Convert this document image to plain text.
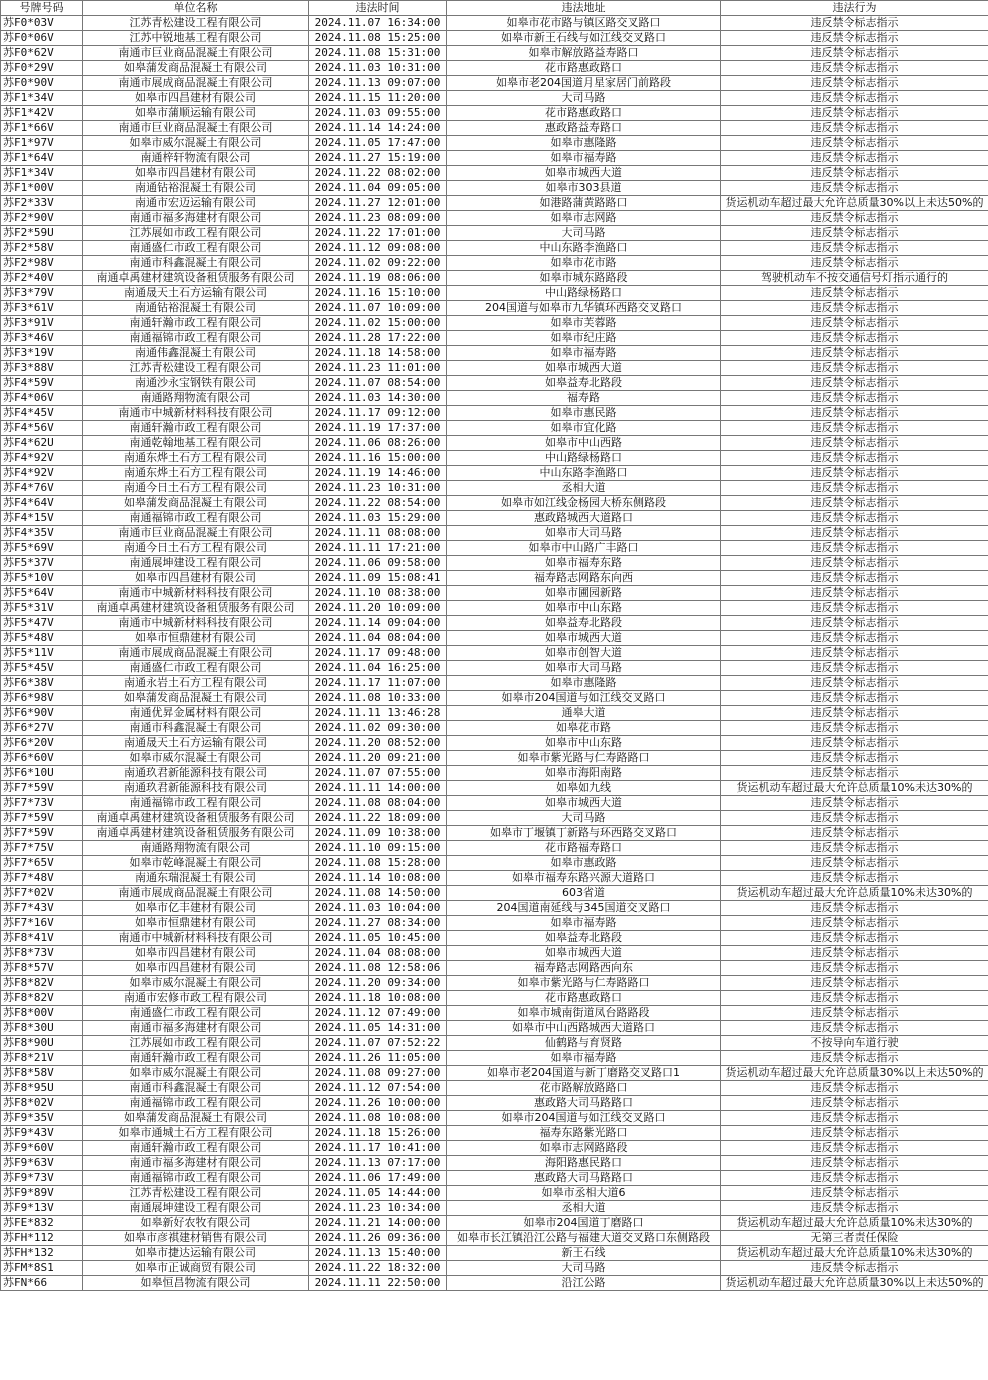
号牌号码	单位名称	违法时间	违法地址	违法行为
苏F0*03V	江苏青松建设工程有限公司	2024.11.07 16:34:00	如皋市花市路与镇区路交叉路口	违反禁令标志指示
苏F0*06V	江苏中锐地基工程有限公司	2024.11.08 15:25:00	如皋市新王石线与如江线交叉路口	违反禁令标志指示
苏F0*62V	南通市巨业商品混凝土有限公司	2024.11.08 15:31:00	如皋市解放路益寿路口	违反禁令标志指示
苏F0*29V	如皋蒲发商品混凝土有限公司	2024.11.03 10:31:00	花市路惠政路口	违反禁令标志指示
苏F0*90V	南通市展成商品混凝土有限公司	2024.11.13 09:07:00	如皋市老204国道月星家居门前路段	违反禁令标志指示
苏F1*34V	如皋市四昌建材有限公司	2024.11.15 11:20:00	大司马路	违反禁令标志指示
苏F1*42V	如皋市蒲顺运输有限公司	2024.11.03 09:55:00	花市路惠政路口	违反禁令标志指示
苏F1*66V	南通市巨业商品混凝土有限公司	2024.11.14 14:24:00	惠政路益寿路口	违反禁令标志指示
苏F1*97V	如皋市威尔混凝土有限公司	2024.11.05 17:47:00	如皋市惠隆路	违反禁令标志指示
苏F1*64V	南通梓轩物流有限公司	2024.11.27 15:19:00	如皋市福寿路	违反禁令标志指示
苏F1*34V	如皋市四昌建材有限公司	2024.11.22 08:02:00	如皋市城西大道	违反禁令标志指示
苏F1*00V	南通钻裕混凝土有限公司	2024.11.04 09:05:00	如皋市303县道	违反禁令标志指示
苏F2*33V	南通市宏迈运输有限公司	2024.11.27 12:01:00	如港路蒲黄路路口	货运机动车超过最大允许总质量30%以上未达50%的
苏F2*90V	南通市福多海建材有限公司	2024.11.23 08:09:00	如皋市志网路	违反禁令标志指示
苏F2*59U	江苏展如市政工程有限公司	2024.11.22 17:01:00	大司马路	违反禁令标志指示
苏F2*58V	南通盛仁市政工程有限公司	2024.11.12 09:08:00	中山东路李渔路口	违反禁令标志指示
苏F2*98V	南通市科鑫混凝土有限公司	2024.11.02 09:22:00	如皋市花市路	违反禁令标志指示
苏F2*40V	南通卓禹建材建筑设备租赁服务有限公司	2024.11.19 08:06:00	如皋市城东路路段	驾驶机动车不按交通信号灯指示通行的
苏F3*79V	南通晟天土石方运输有限公司	2024.11.16 15:10:00	中山路绿杨路口	违反禁令标志指示
苏F3*61V	南通钻裕混凝土有限公司	2024.11.07 10:09:00	204国道与如皋市九华镇环西路交叉路口	违反禁令标志指示
苏F3*91V	南通轩瀚市政工程有限公司	2024.11.02 15:00:00	如皋市芙蓉路	违反禁令标志指示
苏F3*46V	南通福锦市政工程有限公司	2024.11.28 17:22:00	如皋市纪庄路	违反禁令标志指示
苏F3*19V	南通伟鑫混凝土有限公司	2024.11.18 14:58:00	如皋市福寿路	违反禁令标志指示
苏F3*88V	江苏青松建设工程有限公司	2024.11.23 11:01:00	如皋市城西大道	违反禁令标志指示
苏F4*59V	南通沙永宝钢铁有限公司	2024.11.07 08:54:00	如皋益寿北路段	违反禁令标志指示
苏F4*06V	南通路翔物流有限公司	2024.11.03 14:30:00	福寿路	违反禁令标志指示
苏F4*45V	南通市中城新材料科技有限公司	2024.11.17 09:12:00	如皋市惠民路	违反禁令标志指示
苏F4*56V	南通轩瀚市政工程有限公司	2024.11.19 17:37:00	如皋市宜化路	违反禁令标志指示
苏F4*62U	南通乾翰地基工程有限公司	2024.11.06 08:26:00	如皋市中山西路	违反禁令标志指示
苏F4*92V	南通东烨土石方工程有限公司	2024.11.16 15:00:00	中山路绿杨路口	违反禁令标志指示
苏F4*92V	南通东烨土石方工程有限公司	2024.11.19 14:46:00	中山东路李渔路口	违反禁令标志指示
苏F4*76V	南通今日土石方工程有限公司	2024.11.23 10:31:00	丞相大道	违反禁令标志指示
苏F4*64V	如皋蒲发商品混凝土有限公司	2024.11.22 08:54:00	如皋市如江线金杨园大桥东侧路段	违反禁令标志指示
苏F4*15V	南通福锦市政工程有限公司	2024.11.03 15:29:00	惠政路城西大道路口	违反禁令标志指示
苏F4*35V	南通市巨业商品混凝土有限公司	2024.11.11 08:08:00	如皋市大司马路	违反禁令标志指示
苏F5*69V	南通今日土石方工程有限公司	2024.11.11 17:21:00	如皋市中山路广丰路口	违反禁令标志指示
苏F5*37V	南通展坤建设工程有限公司	2024.11.06 09:58:00	如皋市福寿东路	违反禁令标志指示
苏F5*10V	如皋市四昌建材有限公司	2024.11.09 15:08:41	福寿路志网路东向西	违反禁令标志指示
苏F5*64V	南通市中城新材料科技有限公司	2024.11.10 08:38:00	如皋市圃园新路	违反禁令标志指示
苏F5*31V	南通卓禹建材建筑设备租赁服务有限公司	2024.11.20 10:09:00	如皋市中山东路	违反禁令标志指示
苏F5*47V	南通市中城新材料科技有限公司	2024.11.14 09:04:00	如皋益寿北路段	违反禁令标志指示
苏F5*48V	如皋市恒鼎建材有限公司	2024.11.04 08:04:00	如皋市城西大道	违反禁令标志指示
苏F5*11V	南通市展成商品混凝土有限公司	2024.11.17 09:48:00	如皋市创智大道	违反禁令标志指示
苏F5*45V	南通盛仁市政工程有限公司	2024.11.04 16:25:00	如皋市大司马路	违反禁令标志指示
苏F6*38V	南通永岩土石方工程有限公司	2024.11.17 11:07:00	如皋市惠隆路	违反禁令标志指示
苏F6*98V	如皋蒲发商品混凝土有限公司	2024.11.08 10:33:00	如皋市204国道与如江线交叉路口	违反禁令标志指示
苏F6*90V	南通优昇金属材料有限公司	2024.11.11 13:46:28	通皋大道	违反禁令标志指示
苏F6*27V	南通市科鑫混凝土有限公司	2024.11.02 09:30:00	如皋花市路	违反禁令标志指示
苏F6*20V	南通晟天土石方运输有限公司	2024.11.20 08:52:00	如皋市中山东路	违反禁令标志指示
苏F6*60V	如皋市威尔混凝土有限公司	2024.11.20 09:21:00	如皋市紫光路与仁寿路路口	违反禁令标志指示
苏F6*10U	南通玖君新能源科技有限公司	2024.11.07 07:55:00	如皋市海阳南路	违反禁令标志指示
苏F7*59V	南通玖君新能源科技有限公司	2024.11.11 14:00:00	如皋如九线	货运机动车超过最大允许总质量10%未达30%的
苏F7*73V	南通福锦市政工程有限公司	2024.11.08 08:04:00	如皋市城西大道	违反禁令标志指示
苏F7*59V	南通卓禹建材建筑设备租赁服务有限公司	2024.11.22 18:09:00	大司马路	违反禁令标志指示
苏F7*59V	南通卓禹建材建筑设备租赁服务有限公司	2024.11.09 10:38:00	如皋市丁堰镇丁新路与环西路交叉路口	违反禁令标志指示
苏F7*75V	南通路翔物流有限公司	2024.11.10 09:15:00	花市路福寿路口	违反禁令标志指示
苏F7*65V	如皋市乾峰混凝土有限公司	2024.11.08 15:28:00	如皋市惠政路	违反禁令标志指示
苏F7*48V	南通东瑞混凝土有限公司	2024.11.14 10:08:00	如皋市福寿东路兴源大道路口	违反禁令标志指示
苏F7*02V	南通市展成商品混凝土有限公司	2024.11.08 14:50:00	603省道	货运机动车超过最大允许总质量10%未达30%的
苏F7*43V	如皋市亿丰建材有限公司	2024.11.03 10:04:00	204国道南延线与345国道交叉路口	违反禁令标志指示
苏F7*16V	如皋市恒鼎建材有限公司	2024.11.27 08:34:00	如皋市福寿路	违反禁令标志指示
苏F8*41V	南通市中城新材料科技有限公司	2024.11.05 10:45:00	如皋益寿北路段	违反禁令标志指示
苏F8*73V	如皋市四昌建材有限公司	2024.11.04 08:08:00	如皋市城西大道	违反禁令标志指示
苏F8*57V	如皋市四昌建材有限公司	2024.11.08 12:58:06	福寿路志网路西向东	违反禁令标志指示
苏F8*82V	如皋市威尔混凝土有限公司	2024.11.20 09:34:00	如皋市紫光路与仁寿路路口	违反禁令标志指示
苏F8*82V	南通市宏修市政工程有限公司	2024.11.18 10:08:00	花市路惠政路口	违反禁令标志指示
苏F8*00V	南通盛仁市政工程有限公司	2024.11.12 07:49:00	如皋市城南街道凤台路路段	违反禁令标志指示
苏F8*30U	南通市福多海建材有限公司	2024.11.05 14:31:00	如皋市中山西路城西大道路口	违反禁令标志指示
苏F8*90U	江苏展如市政工程有限公司	2024.11.07 07:52:22	仙鹤路与育贤路	不按导向车道行驶
苏F8*21V	南通轩瀚市政工程有限公司	2024.11.26 11:05:00	如皋市福寿路	违反禁令标志指示
苏F8*58V	如皋市威尔混凝土有限公司	2024.11.08 09:27:00	如皋市老204国道与新丁磨路交叉路口1	货运机动车超过最大允许总质量30%以上未达50%的
苏F8*95U	南通市科鑫混凝土有限公司	2024.11.12 07:54:00	花市路解放路路口	违反禁令标志指示
苏F8*02V	南通福锦市政工程有限公司	2024.11.26 10:00:00	惠政路大司马路路口	违反禁令标志指示
苏F9*35V	如皋蒲发商品混凝土有限公司	2024.11.08 10:08:00	如皋市204国道与如江线交叉路口	违反禁令标志指示
苏F9*43V	如皋市通城土石方工程有限公司	2024.11.18 15:26:00	福寿东路紫光路口	违反禁令标志指示
苏F9*60V	南通轩瀚市政工程有限公司	2024.11.17 10:41:00	如皋市志网路路段	违反禁令标志指示
苏F9*63V	南通市福多海建材有限公司	2024.11.13 07:17:00	海阳路惠民路口	违反禁令标志指示
苏F9*73V	南通福锦市政工程有限公司	2024.11.06 17:49:00	惠政路大司马路路口	违反禁令标志指示
苏F9*89V	江苏青松建设工程有限公司	2024.11.05 14:44:00	如皋市丞相大道6	违反禁令标志指示
苏F9*13V	南通展坤建设工程有限公司	2024.11.23 10:34:00	丞相大道	违反禁令标志指示
苏FE*832	如皋新好农牧有限公司	2024.11.21 14:00:00	如皋市204国道丁磨路口	货运机动车超过最大允许总质量10%未达30%的
苏FH*112	如皋市彦祺建材销售有限公司	2024.11.26 09:36:00	如皋市长江镇沿江公路与福建大道交叉路口东侧路段	无第三者责任保险
苏FH*132	如皋市捷达运输有限公司	2024.11.13 15:40:00	新王石线	货运机动车超过最大允许总质量10%未达30%的
苏FM*8S1	如皋市正诚商贸有限公司	2024.11.22 18:32:00	大司马路	违反禁令标志指示
苏FN*66	如皋恒昌物流有限公司	2024.11.11 22:50:00	沿江公路	货运机动车超过最大允许总质量30%以上未达50%的
